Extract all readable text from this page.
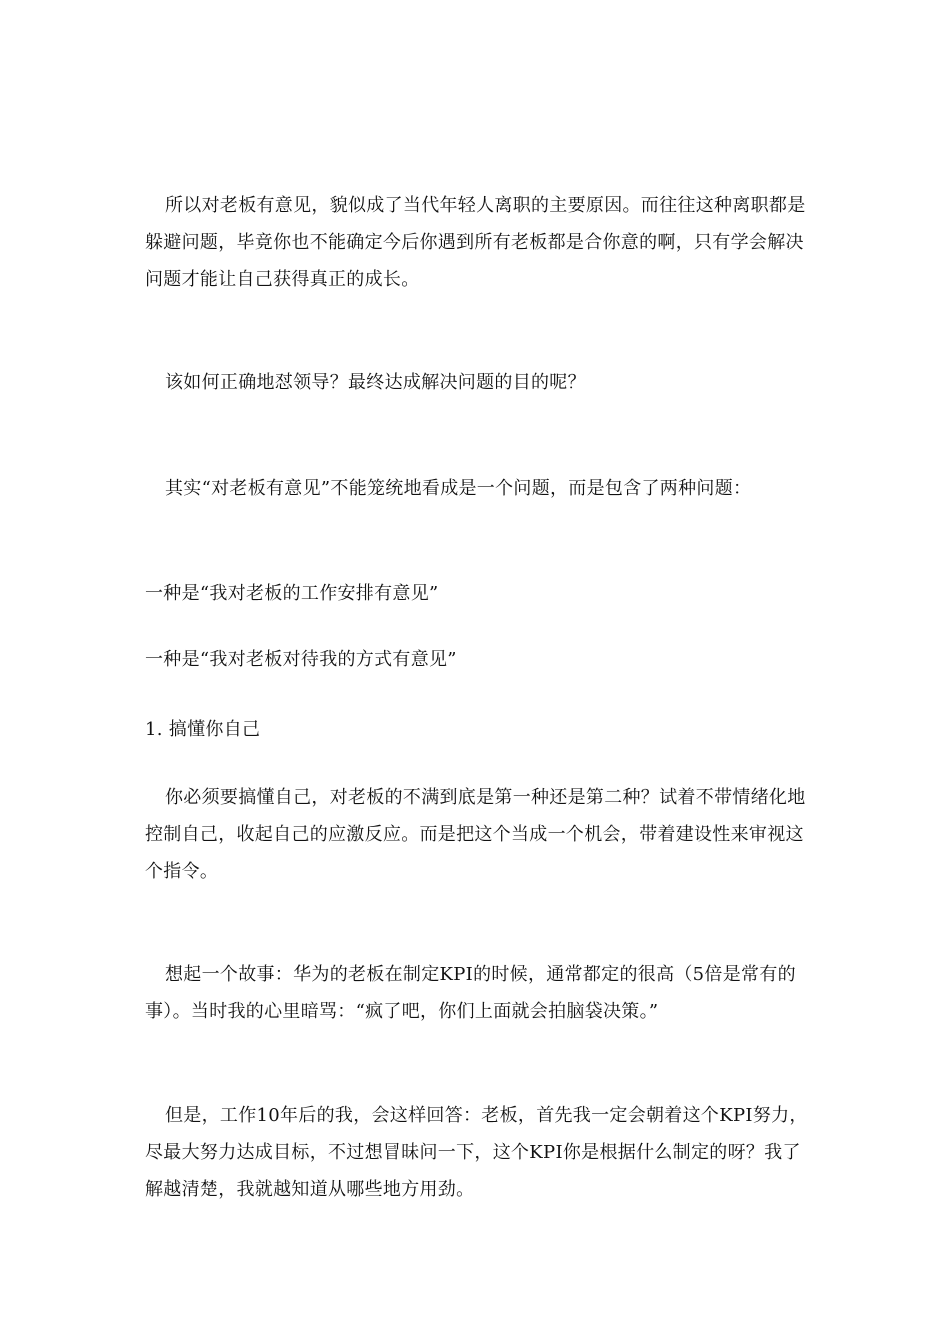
所以对老板有意见，貌似成了当代年轻人离职的主要原因。而往往这种离职都是躲避问题，毕竟你也不能确定今后你遇到所有老板都是合你意的啊，只有学会解决问题才能让自己获得真正的成长。

该如何正确地怼领导？最终达成解决问题的目的呢？

其实“对老板有意见”不能笼统地看成是一个问题，而是包含了两种问题：

一种是“我对老板的工作安排有意见”

一种是“我对老板对待我的方式有意见”

1. 搞懂你自己

你必须要搞懂自己，对老板的不满到底是第一种还是第二种？试着不带情绪化地控制自己，收起自己的应激反应。而是把这个当成一个机会，带着建设性来审视这个指令。

想起一个故事：华为的老板在制定KPI的时候，通常都定的很高（5倍是常有的事）。当时我的心里暗骂：“疯了吧，你们上面就会拍脑袋决策。”

但是，工作10年后的我，会这样回答：老板，首先我一定会朝着这个KPI努力，尽最大努力达成目标，不过想冒昧问一下，这个KPI你是根据什么制定的呀？我了解越清楚，我就越知道从哪些地方用劲。
